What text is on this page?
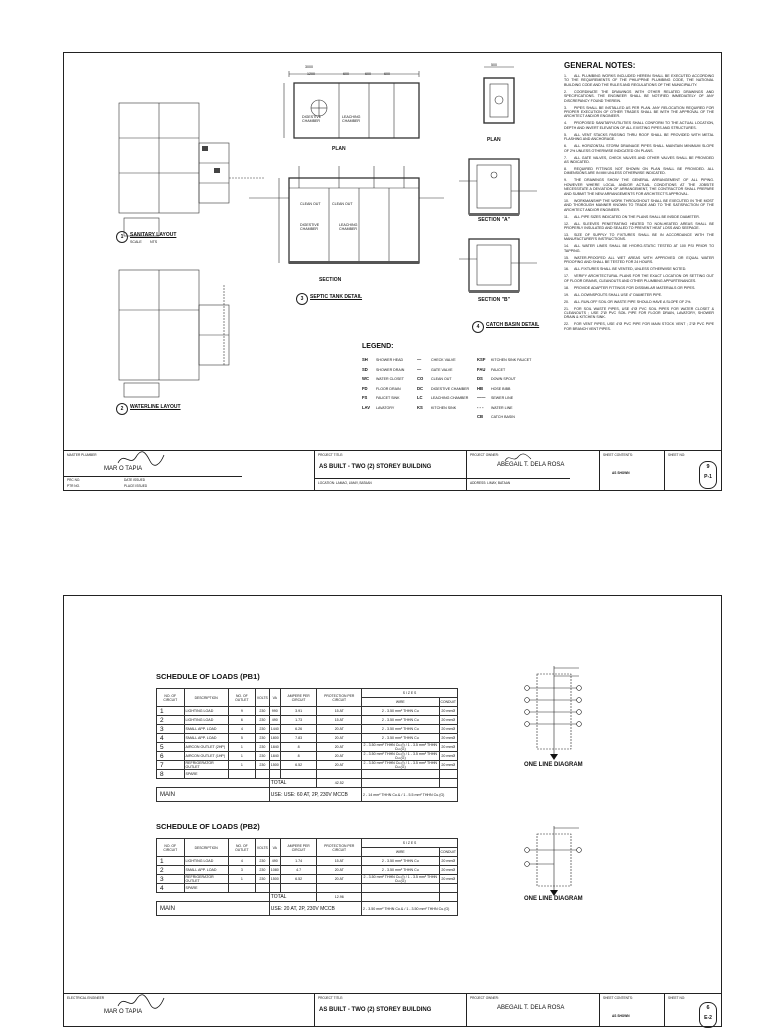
1	SANITARY LAYOUT
SCALE NTS
2	WATERLINE LAYOUT
3000
1200	600	600	600
DIGESTIVE CHAMBER
LEACHING CHAMBER
PLAN
CLEAN OUT	CLEAN OUT
DIGESTIVE CHAMBER
LEACHING CHAMBER
SECTION
3	SEPTIC TANK DETAIL
500
PLAN
SECTION "A"
SECTION "B"
4	CATCH BASIN DETAIL
LEGEND:
SH SHOWER HEAD
SD SHOWER DRAIN
WC WATER CLOSET
FD FLOOR DRAIN
FS FAUCET SINK
LAV LAVATORY
—	CHECK VALVE
—	GATE VALVE
CO CLEAN OUT
DC DIGESTIVE CHAMBER
LC LEACHING CHAMBER
KS KITCHEN SINK
KSF KITCHEN SINK FAUCET
FAU FAUCET
DS DOWN SPOUT
HB HOSE BIBB
—— SEWER LINE
- - - WATER LINE
CB CATCH BASIN
GENERAL NOTES:
1. ALL PLUMBING WORKS INCLUDED HEREIN SHALL BE EXECUTED ACCORDING TO THE REQUIREMENTS OF THE PHILIPPINE PLUMBING CODE, THE NATIONAL BUILDING CODE AND THE RULES AND REGULATIONS OF THE MUNICIPALITY.
2. COORDINATE THE DRAWINGS WITH OTHER RELATED DRAWINGS AND SPECIFICATIONS. THE ENGINEER SHALL BE NOTIFIED IMMEDIATELY OF ANY DISCREPANCY FOUND THEREIN.
3. PIPES SHALL BE INSTALLED AS PER PLAN. ANY RELOCATION REQUIRED FOR PROPER EXECUTION OF OTHER TRADES SHALL BE WITH THE APPROVAL OF THE ARCHITECT AND/OR ENGINEER.
4. PROPOSED SANITARY/UTILITIES SHALL CONFORM TO THE ACTUAL LOCATION, DEPTH AND INVERT ELEVATION OF ALL EXISTING PIPES AND STRUCTURES.
5. ALL VENT STACKS PASSING THRU ROOF SHALL BE PROVIDED WITH METAL FLASHING AND ANCHORAGE.
6. ALL HORIZONTAL STORM DRAINAGE PIPES SHALL MAINTAIN MINIMUM SLOPE OF 2% UNLESS OTHERWISE INDICATED ON PLANS.
7. ALL GATE VALVES, CHECK VALVES AND OTHER VALVES SHALL BE PROVIDED AS INDICATED.
8. REQUIRED FITTINGS NOT SHOWN ON PLAN SHALL BE PROVIDED. ALL DIMENSIONS ARE IN MM UNLESS OTHERWISE INDICATED.
9. THE DRAWINGS SHOW THE GENERAL ARRANGEMENT OF ALL PIPING. HOWEVER WHERE LOCAL AND/OR ACTUAL CONDITIONS AT THE JOBSITE NECESSITATE A DEVIATION OF ARRANGEMENT, THE CONTRACTOR SHALL PREPARE AND SUBMIT THE NEW ARRANGEMENTS FOR ARCHITECT'S APPROVAL.
10. WORKMANSHIP THE WORK THROUGHOUT SHALL BE EXECUTED IN THE MOST AND THOROUGH MANNER KNOWN TO TRADE AND TO THE SATISFACTION OF THE ARCHITECT AND/OR ENGINEER.
11. ALL PIPE SIZES INDICATED ON THE PLANS SHALL BE INSIDE DIAMETER.
12. ALL SLEEVES PENETRATING HEATED TO NON-HEATED AREAS SHALL BE PROPERLY INSULATED AND SEALED TO PREVENT HEAT LOSS AND SEEPAGE.
13. SIZE OF SUPPLY TO FIXTURES SHALL BE IN ACCORDANCE WITH THE MANUFACTURER'S INSTRUCTIONS.
14. ALL WATER LINES SHALL BE HYDRO-STATIC TESTED AT 100 PSI PRIOR TO TAPPING.
15. WATER-PROOFED ALL WET AREAS WITH APPROVED OR EQUAL WATER PROOFING AND SHALL BE TESTED FOR 24 HOURS.
16. ALL FIXTURES SHALL BE VENTED, UNLESS OTHERWISE NOTED.
17. VERIFY ARCHITECTURAL PLANS FOR THE EXACT LOCATION OR SETTING OUT OF FLOOR DRAINS, CLEANOUTS AND OTHER PLUMBING APPURTENANCES.
18. PROVIDE ADAPTER FITTINGS FOR DISSIMILAR MATERIALS OR PIPES.
19. ALL DOWNSPOUTS SHALL USE 4" DIAMETER PIPE.
20. ALL RUN-OFF SOIL OR WASTE PIPE SHOULD HAVE A SLOPE OF 2%.
21. FOR SOIL WASTE PIPES, USE 4"Ø PVC SOIL PIPES FOR WATER CLOSET & CLEANOUTS ; USE 2"Ø PVC SOIL PIPE FOR FLOOR DRAIN, LAVATORY, SHOWER DRAIN & KITCHEN SINK.
22. FOR VENT PIPES, USE 4"Ø PVC PIPE FOR MAIN STOCK VENT ; 2"Ø PVC PIPE FOR BRANCH VENT PIPES.
MASTER PLUMBER
MAR O TAPIA
PRC NO.
PTR NO.
DATE ISSUED
PLACE ISSUED
PROJECT TITLE:
AS BUILT - TWO (2) STOREY BUILDING
LOCATION: LAMAO, LIMAY, BATAAN
PROJECT OWNER:
ABEGAIL T. DELA ROSA
ADDRESS: LIMAY, BATAAN
SHEET CONTENTS:
AS SHOWN
SHEET NO:
9
P-1
SCHEDULE OF LOADS (PB1)
NO. OF CIRCUIT	DESCRIPTION	NO. OF OUTLET	VOLTS	VA	AMPERE PER CIRCUIT	PROTECTION PER CIRCUIT	S I Z E S	
							WIRE	CONDUIT
1	LIGHTING LOAD	9	230	990	3.91	15 AT	2 - 3.50 mm² THHN Cu	20 mmØ
2	LIGHTING LOAD	6	230	490	1.73	15 AT	2 - 3.50 mm² THHN Cu	20 mmØ
3	SMALL APP. LOAD	4	230	1440	6.26	20 AT	2 - 3.50 mm² THHN Cu	20 mmØ
4	SMALL APP. LOAD	5	230	1800	7.83	20 AT	2 - 3.50 mm² THHN Cu	20 mmØ
5	AIRCON OUTLET (2HP)	1	230	1840	8	20 AT	2 - 3.50 mm² THHN Cu.(I) / 1 - 3.5 mm² THHN Cu.(G)	20 mmØ
6	AIRCON OUTLET (1HP)	1	230	1840	8	20 AT	2 - 3.50 mm² THHN Cu.(I) / 1 - 3.5 mm² THHN Cu.(G)	20 mmØ
7	REFRIGERATOR OUTLET	1	230	1500	6.52	20 AT	2 - 3.50 mm² THHN Cu.(I) / 1 - 3.5 mm² THHN Cu.(G)	20 mmØ
8	SPARE							
				TOTAL		42.52		
MAIN				USE: USE: 60 AT, 2P, 230V MCCB			2 - 14 mm² THHN Cu.& / 1 - 5.5 mm² THHN Cu.(G)	
SCHEDULE OF LOADS (PB2)
NO. OF CIRCUIT	DESCRIPTION	NO. OF OUTLET	VOLTS	VA	AMPERE PER CIRCUIT	PROTECTION PER CIRCUIT	S I Z E S	
							WIRE	CONDUIT
1	LIGHTING LOAD	4	230	490	1.74	15 AT	2 - 3.50 mm² THHN Cu	20 mmØ
2	SMALL APP. LOAD	3	230	1080	4.7	20 AT	2 - 3.50 mm² THHN Cu	20 mmØ
3	REFRIGERATOR OUTLET	1	230	1500	6.52	20 AT	2 - 3.50 mm² THHN Cu.(I) / 1 - 3.5 mm² THHN Cu.(G)	20 mmØ
4	SPARE							
				TOTAL		12.96		
MAIN				USE: 20 AT, 2P, 230V MCCB			2 - 3.50 mm² THHN Cu.& / 1 - 3.50 mm² THHN Cu.(G)	
ONE LINE DIAGRAM
ONE LINE DIAGRAM
ELECTRICAL ENGINEER
MAR O TAPIA
PROJECT TITLE:
AS BUILT - TWO (2) STOREY BUILDING
PROJECT OWNER:
ABEGAIL T. DELA ROSA
SHEET CONTENTS:
AS SHOWN
SHEET NO:
6
E-2
